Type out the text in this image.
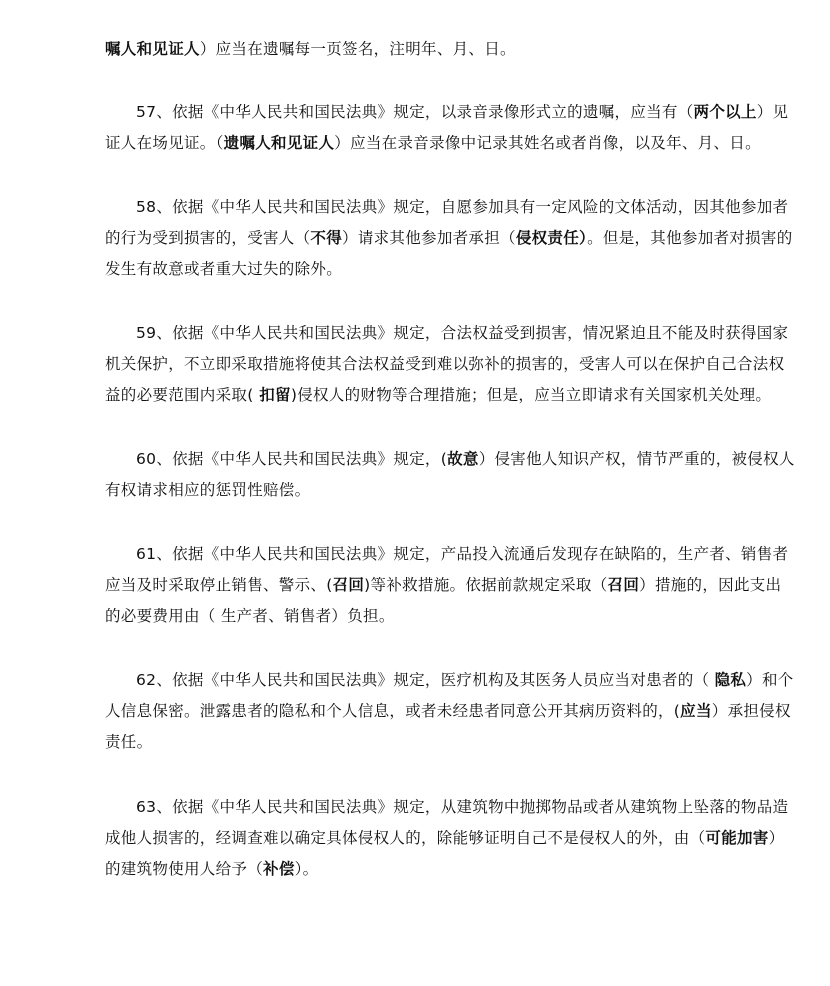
嘱人和见证人）应当在遗嘱每一页签名，注明年、月、日。

57、依据《中华人民共和国民法典》规定，以录音录像形式立的遗嘱，应当有（两个以上）见证人在场见证。（遗嘱人和见证人）应当在录音录像中记录其姓名或者肖像，以及年、月、日。

58、依据《中华人民共和国民法典》规定，自愿参加具有一定风险的文体活动，因其他参加者的行为受到损害的，受害人（不得）请求其他参加者承担（侵权责任）。但是，其他参加者对损害的发生有故意或者重大过失的除外。

59、依据《中华人民共和国民法典》规定，合法权益受到损害，情况紧迫且不能及时获得国家机关保护，不立即采取措施将使其合法权益受到难以弥补的损害的，受害人可以在保护自己合法权益的必要范围内采取( 扣留)侵权人的财物等合理措施；但是，应当立即请求有关国家机关处理。

60、依据《中华人民共和国民法典》规定，(故意）侵害他人知识产权，情节严重的，被侵权人有权请求相应的惩罚性赔偿。

61、依据《中华人民共和国民法典》规定，产品投入流通后发现存在缺陷的，生产者、销售者应当及时采取停止销售、警示、(召回)等补救措施。依据前款规定采取（召回）措施的，因此支出的必要费用由（ 生产者、销售者）负担。

62、依据《中华人民共和国民法典》规定，医疗机构及其医务人员应当对患者的（ 隐私）和个人信息保密。泄露患者的隐私和个人信息，或者未经患者同意公开其病历资料的，(应当）承担侵权责任。

63、依据《中华人民共和国民法典》规定，从建筑物中抛掷物品或者从建筑物上坠落的物品造成他人损害的，经调查难以确定具体侵权人的，除能够证明自己不是侵权人的外，由（可能加害）的建筑物使用人给予（补偿）。
